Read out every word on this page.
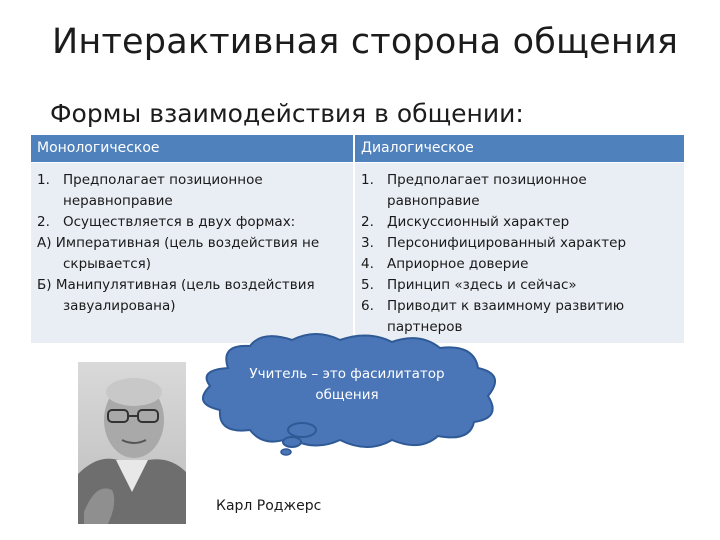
Интерактивная сторона общения
Формы взаимодействия в общении:
Монологическое	Диалогическое
1. Предполагает позиционное
неравноправие
2. Осуществляется в двух формах:
А) Императивная (цель воздействия не
скрывается)
Б) Манипулятивная (цель воздействия
завуалирована)
1. Предполагает позиционное
равноправие
2. Дискуссионный характер
3. Персонифицированный характер
4. Априорное доверие
5. Принцип «здесь и сейчас»
6. Приводит к взаимному развитию
партнеров
Учитель – это фасилитатор
общения
Карл Роджерс
